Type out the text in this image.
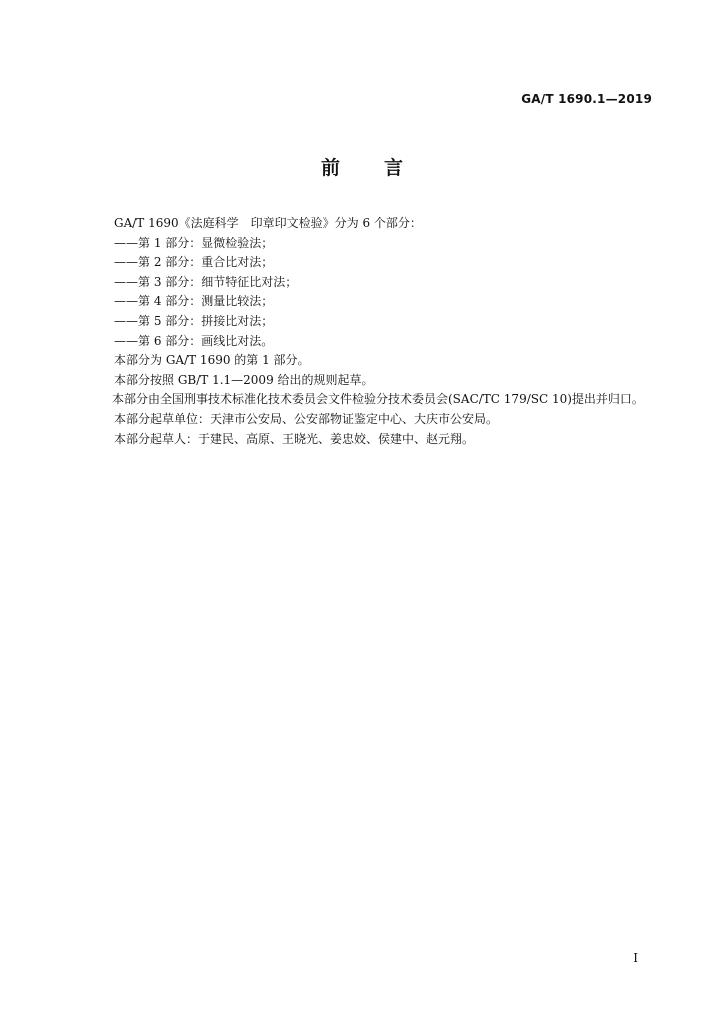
GA/T 1690.1—2019
前 言

GA/T 1690《法庭科学　印章印文检验》分为 6 个部分：

——第 1 部分：显微检验法；

——第 2 部分：重合比对法；

——第 3 部分：细节特征比对法；

——第 4 部分：测量比较法；

——第 5 部分：拼接比对法；

——第 6 部分：画线比对法。

本部分为 GA/T 1690 的第 1 部分。

本部分按照 GB/T 1.1—2009 给出的规则起草。

本部分由全国刑事技术标准化技术委员会文件检验分技术委员会(SAC/TC 179/SC 10)提出并归口。

本部分起草单位：天津市公安局、公安部物证鉴定中心、大庆市公安局。

本部分起草人：于建民、高原、王晓光、姜忠姣、侯建中、赵元翔。

I
